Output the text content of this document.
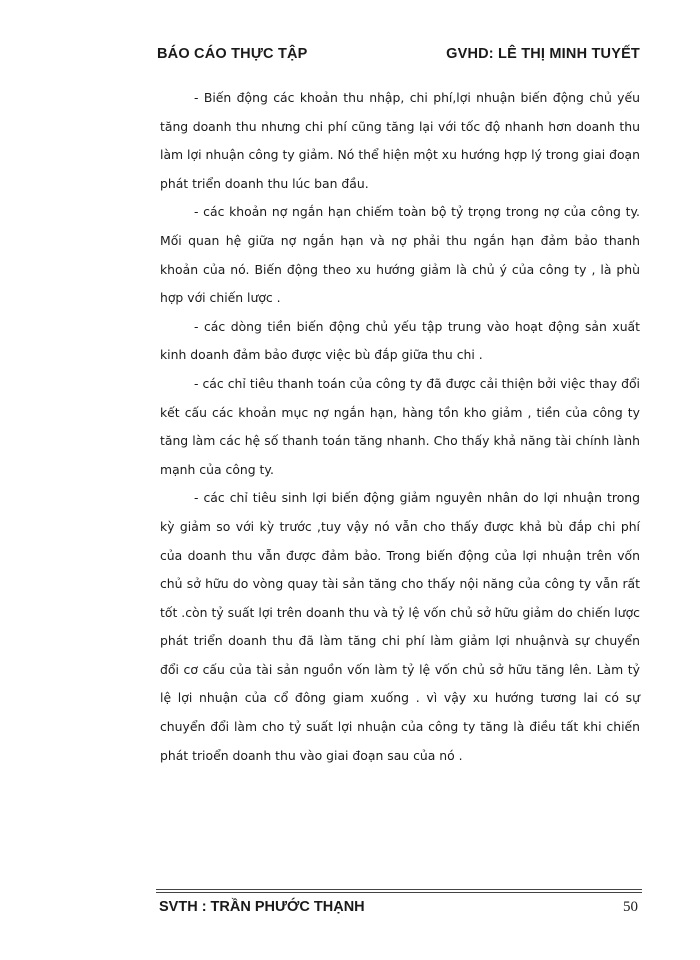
BÁO CÁO THỰC TẬP	GVHD: LÊ THỊ MINH TUYẾT

- Biến động các khoản thu nhập, chi phí,lợi nhuận biến động chủ yếu tăng doanh thu nhưng chi phí cũng tăng lại với tốc độ nhanh hơn doanh thu làm lợi nhuận công ty giảm. Nó thể hiện một xu hướng hợp lý trong giai đoạn phát triển doanh thu lúc ban đầu.

- các khoản nợ ngắn hạn chiếm toàn bộ tỷ trọng trong nợ của công ty. Mối quan hệ giữa nợ ngắn hạn và nợ phải thu ngắn hạn đảm bảo thanh khoản của nó. Biến động theo xu hướng giảm là chủ ý của công ty , là phù hợp với chiến lược .

- các dòng tiền biến động chủ yếu tập trung vào hoạt động sản xuất kinh doanh đảm bảo được việc bù đắp giữa thu chi .

- các chỉ tiêu thanh toán của công ty đã được cải thiện bởi việc thay đổi kết cấu các khoản mục nợ ngắn hạn, hàng tồn kho giảm , tiền của công ty tăng làm các hệ số thanh toán tăng nhanh. Cho thấy khả năng tài chính lành mạnh của công ty.

- các chỉ tiêu sinh lợi biến động giảm nguyên nhân do lợi nhuận trong kỳ giảm so với kỳ trước ,tuy vậy nó vẫn cho thấy được khả bù đắp chi phí của doanh thu vẫn được đảm bảo. Trong biến động của lợi nhuận trên vốn chủ sở hữu do vòng quay tài sản tăng cho thấy nội năng của công ty vẫn rất tốt .còn tỷ suất lợi trên doanh thu và tỷ lệ vốn chủ sở hữu giảm do chiến lược phát triển doanh thu đã làm tăng chi phí làm giảm lợi nhuậnvà sự chuyển đổi cơ cấu của tài sản nguồn vốn làm tỷ lệ vốn chủ sở hữu tăng lên. Làm tỷ lệ lợi nhuận của cổ đông giam xuống . vì vậy xu hướng tương lai có sự chuyển đổi làm cho tỷ suất lợi nhuận của công ty tăng là điều tất khi chiến phát trioển doanh thu vào giai đoạn sau của nó .

SVTH : TRẦN PHƯỚC THẠNH	50
